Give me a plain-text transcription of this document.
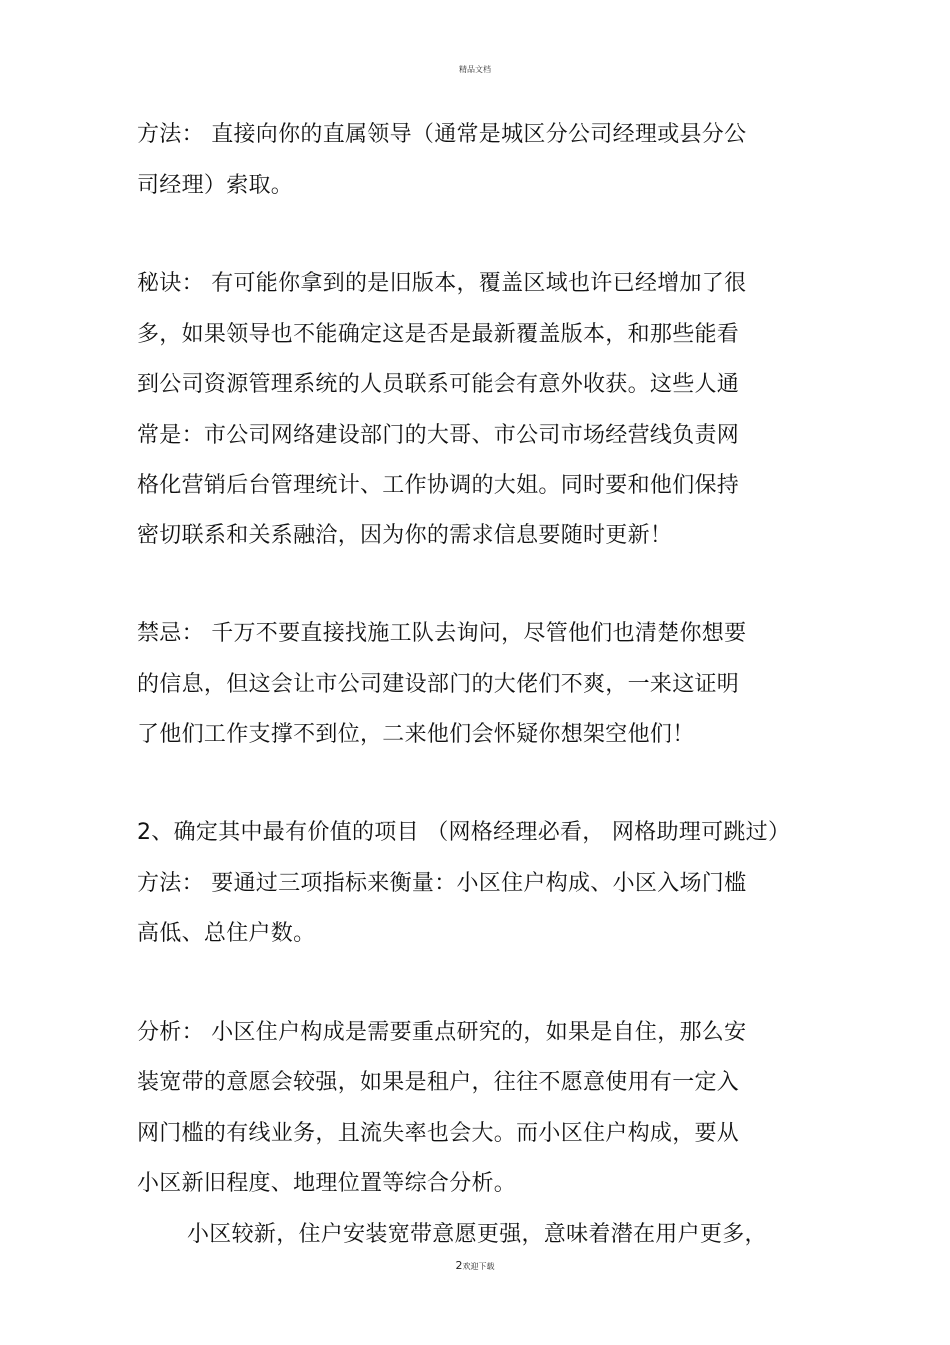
精品文档
方法： 直接向你的直属领导（通常是城区分公司经理或县分公
司经理）索取。
秘诀： 有可能你拿到的是旧版本，覆盖区域也许已经增加了很
多，如果领导也不能确定这是否是最新覆盖版本，和那些能看
到公司资源管理系统的人员联系可能会有意外收获。这些人通
常是：市公司网络建设部门的大哥、市公司市场经营线负责网
格化营销后台管理统计、工作协调的大姐。同时要和他们保持
密切联系和关系融洽，因为你的需求信息要随时更新！
禁忌： 千万不要直接找施工队去询问，尽管他们也清楚你想要
的信息，但这会让市公司建设部门的大佬们不爽，一来这证明
了他们工作支撑不到位，二来他们会怀疑你想架空他们！
2、确定其中最有价值的项目 （网格经理必看， 网格助理可跳过）
方法： 要通过三项指标来衡量：小区住户构成、小区入场门槛
高低、总住户数。
分析： 小区住户构成是需要重点研究的，如果是自住，那么安
装宽带的意愿会较强，如果是租户，往往不愿意使用有一定入
网门槛的有线业务，且流失率也会大。而小区住户构成，要从
小区新旧程度、地理位置等综合分析。
小区较新，住户安装宽带意愿更强，意味着潜在用户更多，
2欢迎下载
